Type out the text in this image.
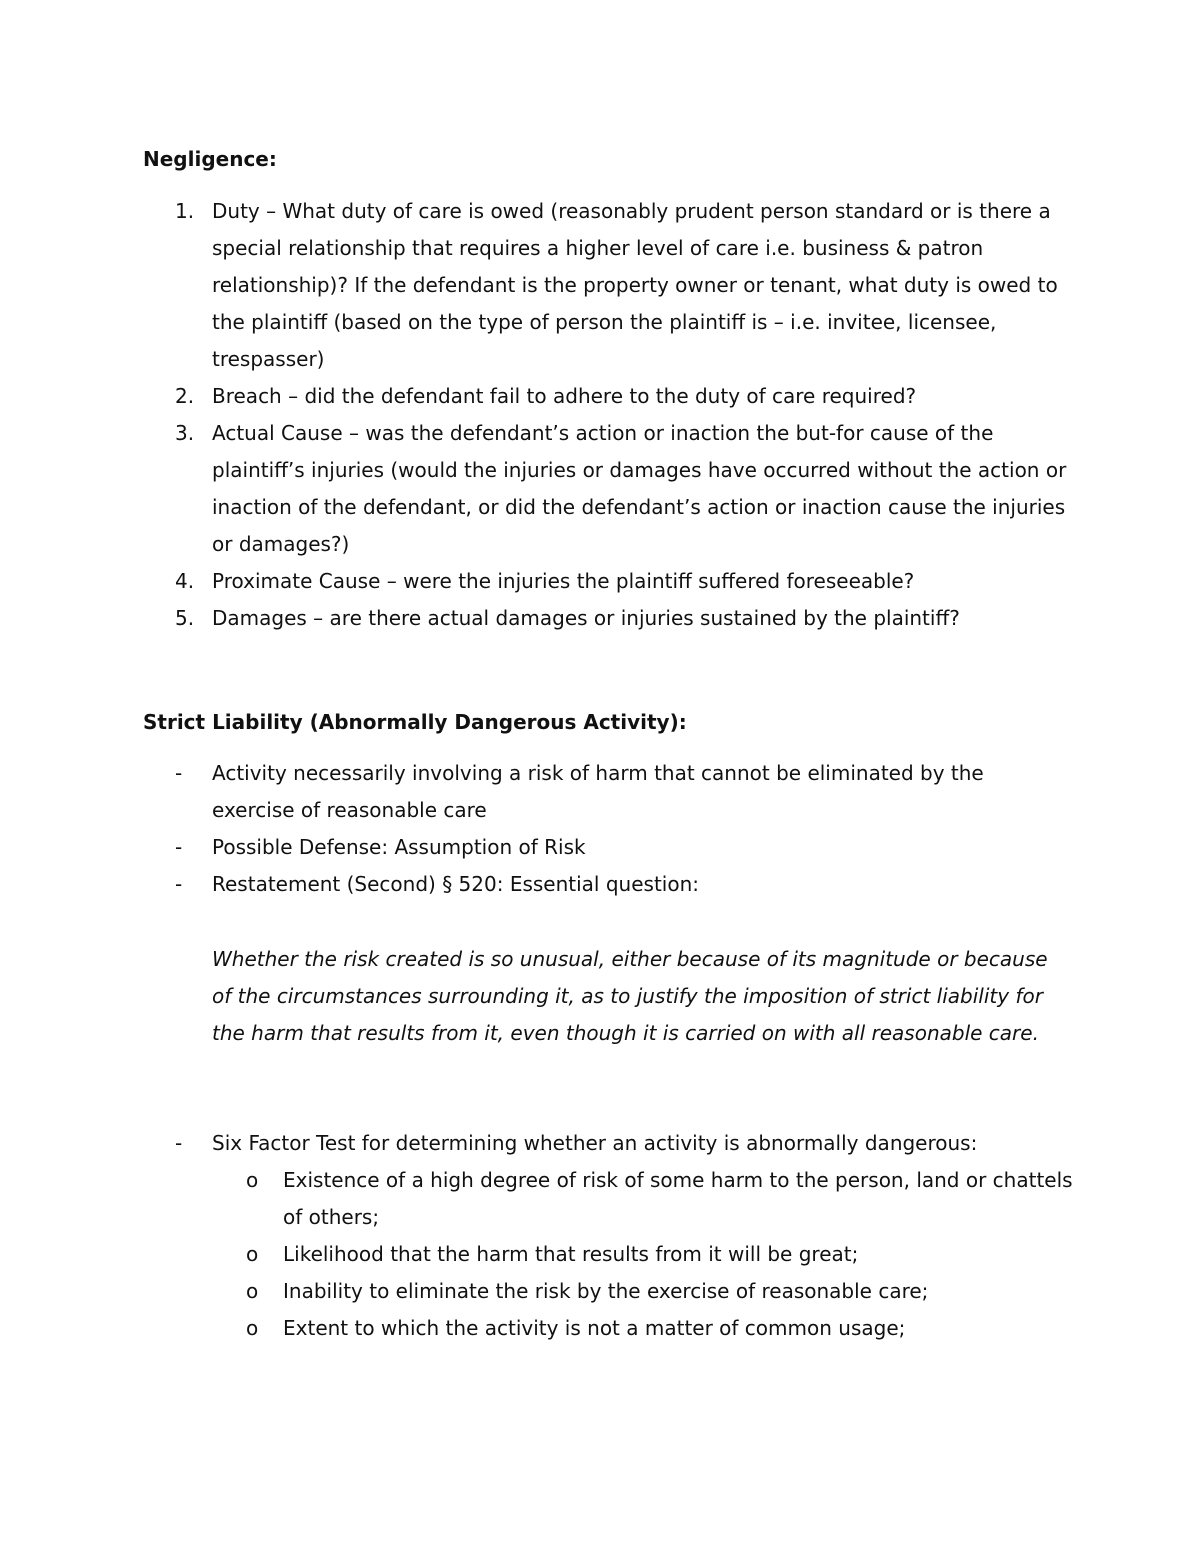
Negligence:
1. Duty – What duty of care is owed (reasonably prudent person standard or is there a special relationship that requires a higher level of care i.e. business & patron relationship)? If the defendant is the property owner or tenant, what duty is owed to the plaintiff (based on the type of person the plaintiff is – i.e. invitee, licensee, trespasser)
2. Breach – did the defendant fail to adhere to the duty of care required?
3. Actual Cause – was the defendant’s action or inaction the but-for cause of the plaintiff’s injuries (would the injuries or damages have occurred without the action or inaction of the defendant, or did the defendant’s action or inaction cause the injuries or damages?)
4. Proximate Cause – were the injuries the plaintiff suffered foreseeable?
5. Damages – are there actual damages or injuries sustained by the plaintiff?
Strict Liability (Abnormally Dangerous Activity):
-	Activity necessarily involving a risk of harm that cannot be eliminated by the exercise of reasonable care
-	Possible Defense: Assumption of Risk
-	Restatement (Second) § 520: Essential question:

Whether the risk created is so unusual, either because of its magnitude or because of the circumstances surrounding it, as to justify the imposition of strict liability for the harm that results from it, even though it is carried on with all reasonable care.

-	Six Factor Test for determining whether an activity is abnormally dangerous:
o	Existence of a high degree of risk of some harm to the person, land or chattels of others;
o	Likelihood that the harm that results from it will be great;
o	Inability to eliminate the risk by the exercise of reasonable care;
o	Extent to which the activity is not a matter of common usage;
